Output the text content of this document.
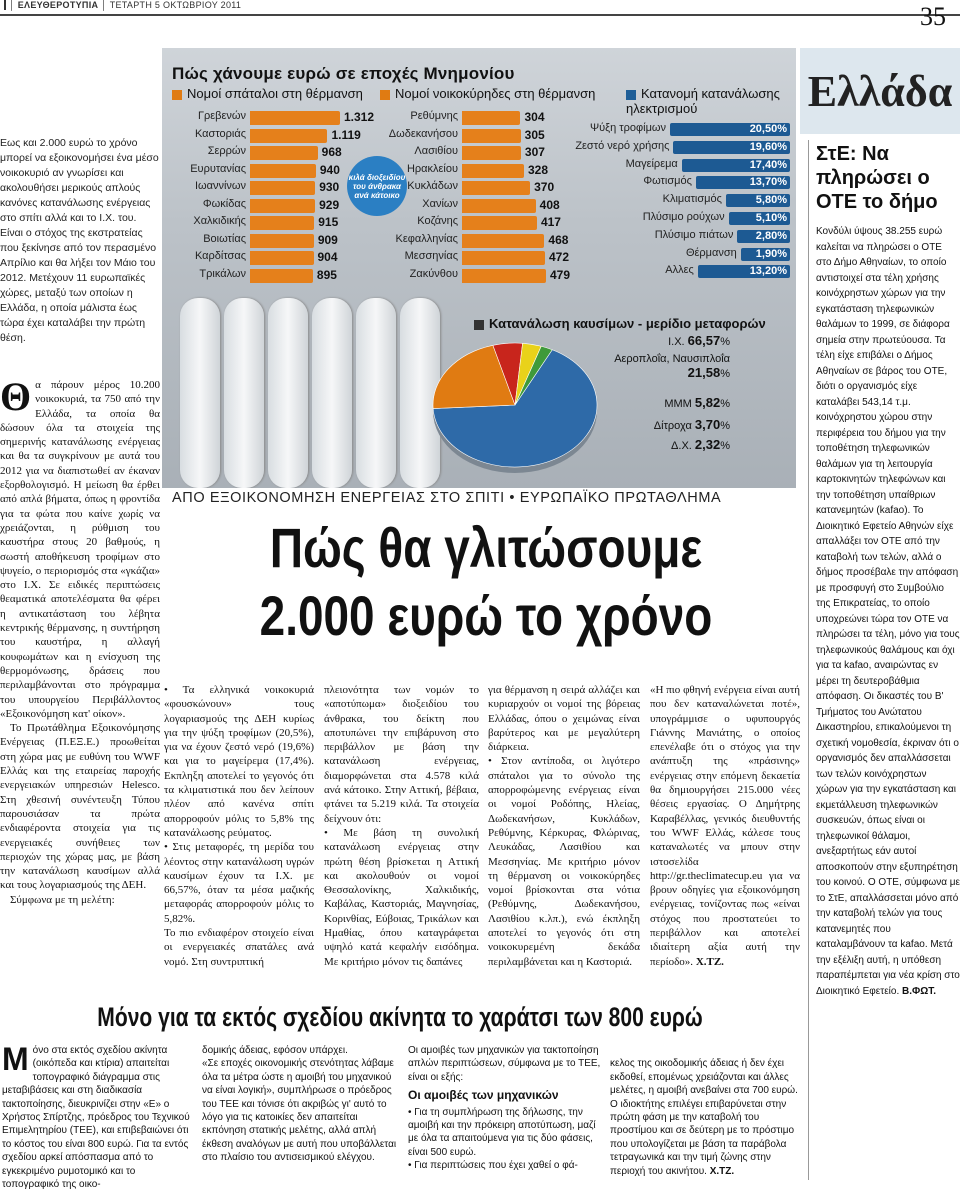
│ ΕΛΕΥΘΕΡΟΤΥΠΙΑ │ ΤΕΤΑΡΤΗ 5 ΟΚΤΩΒΡΙΟΥ 2011	35
Ελλάδα
Εως και 2.000 ευρώ το χρόνο μπορεί να εξοικονομήσει ένα μέσο νοικοκυριό αν γνωρίσει και ακολουθήσει μερικούς απλούς κανόνες κατανάλωσης ενέργειας στο σπίτι αλλά και το Ι.Χ. του. Είναι ο στόχος της εκστρατείας που ξεκίνησε από τον περασμένο Απρίλιο και θα λήξει τον Μάιο του 2012. Μετέχουν 11 ευρωπαϊκές χώρες, μεταξύ των οποίων η Ελλάδα, η οποία μάλιστα έως τώρα έχει καταλάβει την πρώτη θέση.
Θ α πάρουν μέρος 10.200 νοικοκυριά, τα 750 από την Ελλάδα, τα οποία θα δώσουν όλα τα στοιχεία της σημερινής κατανάλωσης ενέργειας και θα τα συγκρίνουν με αυτά του 2012 για να διαπιστωθεί αν έκαναν εξορθολογισμό. Η μείωση θα έρθει από απλά βήματα, όπως η φροντίδα για τα φώτα που καίνε χωρίς να χρειάζονται, η ρύθμιση του καυστήρα στους 20 βαθμούς, η σωστή αποθήκευση τροφίμων στο ψυγείο, ο περιορισμός στα «γκάζια» στο Ι.Χ. Σε ειδικές περιπτώσεις θεαματικά αποτελέσματα θα φέρει η αντικατάσταση του λέβητα κεντρικής θέρμανσης, η συντήρηση του καυστήρα, η αλλαγή κουφωμάτων και η ενίσχυση της θερμομόνωσης, δράσεις που περιλαμβάνονται στο πρόγραμμα του υπουργείου Περιβάλλοντος «Εξοικονόμηση κατ' οίκον».
Το Πρωτάθλημα Εξοικονόμησης Ενέργειας (Π.ΕΞ.Ε.) προωθείται στη χώρα μας με ευθύνη του WWF Ελλάς και της εταιρείας παροχής ενεργειακών υπηρεσιών Helesco. Στη χθεσινή συνέντευξη Τύπου παρουσιάσαν τα πρώτα ενδιαφέροντα στοιχεία για τις ενεργειακές συνήθειες των περιοχών της χώρας μας, με βάση την κατανάλωση καυσίμων αλλά και τους λογαριασμούς της ΔΕΗ.
Σύμφωνα με τη μελέτη:
Πώς χάνουμε ευρώ σε εποχές Μνημονίου
Νομοί σπάταλοι στη θέρμανση	Νομοί νοικοκύρηδες στη θέρμανση	Κατανομή κατανάλωσης ηλεκτρισμού
κιλά διοξειδίου του άνθρακα ανά κάτοικο
Γρεβενών	1.312
Καστοριάς	1.119
Σερρών	968
Ευρυτανίας	940
Ιωαννίνων	930
Φωκίδας	929
Χαλκιδικής	915
Βοιωτίας	909
Καρδίτσας	904
Τρικάλων	895
Ρεθύμνης	304
Δωδεκανήσου	305
Λασιθίου	307
Ηρακλείου	328
Κυκλάδων	370
Χανίων	408
Κοζάνης	417
Κεφαλληνίας	468
Μεσσηνίας	472
Ζακύνθου	479
Ψύξη τροφίμων	20,50%
Ζεστό νερό χρήσης	19,60%
Μαγείρεμα	17,40%
Φωτισμός	13,70%
Κλιματισμός	5,80%
Πλύσιμο ρούχων	5,10%
Πλύσιμο πιάτων	2,80%
Θέρμανση	1,90%
Αλλες	13,20%
Κατανάλωση καυσίμων - μερίδιο μεταφορών
Ι.Χ. 66,57%
Αεροπλοΐα, Ναυσιπλοΐα 21,58%
ΜΜΜ 5,82%
Δίτροχα 3,70%
Δ.Χ. 2,32%
ΑΠΟ ΕΞΟΙΚΟΝΟΜΗΣΗ ΕΝΕΡΓΕΙΑΣ ΣΤΟ ΣΠΙΤΙ • ΕΥΡΩΠΑΪΚΟ ΠΡΩΤΑΘΛΗΜΑ
Πώς θα γλιτώσουμε
2.000 ευρώ το χρόνο
• Τα ελληνικά νοικοκυριά «φουσκώνουν» τους λογαριασμούς της ΔΕΗ κυρίως για την ψύξη τροφίμων (20,5%), για να έχουν ζεστό νερό (19,6%) και για το μαγείρεμα (17,4%). Εκπληξη αποτελεί το γεγονός ότι τα κλιματιστικά που δεν λείπουν πλέον από κανένα σπίτι απορροφούν μόλις το 5,8% της κατανάλωσης ρεύματος.
• Στις μεταφορές, τη μερίδα του λέοντος στην κατανάλωση υγρών καυσίμων έχουν τα Ι.Χ. με 66,57%, όταν τα μέσα μαζικής μεταφοράς απορροφούν μόλις το 5,82%.
Το πιο ενδιαφέρον στοιχείο είναι οι ενεργειακές σπατάλες ανά νομό. Στη συντριπτική
πλειονότητα των νομών το «αποτύπωμα» διοξειδίου του άνθρακα, του δείκτη που αποτυπώνει την επιβάρυνση στο περιβάλλον με βάση την κατανάλωση ενέργειας, διαμορφώνεται στα 4.578 κιλά ανά κάτοικο. Στην Αττική, βέβαια, φτάνει τα 5.219 κιλά. Τα στοιχεία δείχνουν ότι:
• Με βάση τη συνολική κατανάλωση ενέργειας στην πρώτη θέση βρίσκεται η Αττική και ακολουθούν οι νομοί Θεσσαλονίκης, Χαλκιδικής, Καβάλας, Καστοριάς, Μαγνησίας, Κορινθίας, Εύβοιας, Τρικάλων και Ημαθίας, όπου καταγράφεται υψηλό κατά κεφαλήν εισόδημα. Με κριτήριο μόνον τις δαπάνες
για θέρμανση η σειρά αλλάζει και κυριαρχούν οι νομοί της βόρειας Ελλάδας, όπου ο χειμώνας είναι βαρύτερος και με μεγαλύτερη διάρκεια.
• Στον αντίποδα, οι λιγότερο σπάταλοι για το σύνολο της απορροφώμενης ενέργειας είναι οι νομοί Ροδόπης, Ηλείας, Δωδεκανήσων, Κυκλάδων, Ρεθύμνης, Κέρκυρας, Φλώρινας, Λευκάδας, Λασιθίου και Μεσσηνίας. Με κριτήριο μόνον τη θέρμανση οι νοικοκύρηδες νομοί βρίσκονται στα νότια (Ρεθύμνης, Δωδεκανήσου, Λασιθίου κ.λπ.), ενώ έκπληξη αποτελεί το γεγονός ότι στη νοικοκυρεμένη δεκάδα περιλαμβάνεται και η Καστοριά.
«Η πιο φθηνή ενέργεια είναι αυτή που δεν καταναλώνεται ποτέ», υπογράμμισε ο υφυπουργός Γιάννης Μανιάτης, ο οποίος επενέλαβε ότι ο στόχος για την ανάπτυξη της «πράσινης» ενέργειας στην επόμενη δεκαετία θα δημιουργήσει 215.000 νέες θέσεις εργασίας. Ο Δημήτρης Καραβέλλας, γενικός διευθυντής του WWF Ελλάς, κάλεσε τους καταναλωτές να μπουν στην ιστοσελίδα http://gr.theclimatecup.eu για να βρουν οδηγίες για εξοικονόμηση ενέργειας, τονίζοντας πως «είναι στόχος που προστατεύει το περιβάλλον και αποτελεί ιδιαίτερη αξία αυτή την περίοδο». Χ.ΤΖ.
Μόνο για τα εκτός σχεδίου ακίνητα το χαράτσι των 800 ευρώ
Μόνο στα εκτός σχεδίου ακίνητα (οικόπεδα και κτίρια) απαιτείται τοπογραφικό διάγραμμα στις μεταβιβάσεις και στη διαδικασία τακτοποίησης, διευκρινίζει στην «Ε» ο Χρήστος Σπίρτζης, πρόεδρος του Τεχνικού Επιμελητηρίου (ΤΕΕ), και επιβεβαιώνει ότι το κόστος του είναι 800 ευρώ. Για τα εντός σχεδίου αρκεί απόσπασμα από το εγκεκριμένο ρυμοτομικό και το τοπογραφικό της οικο-
δομικής άδειας, εφόσον υπάρχει.
«Σε εποχές οικονομικής στενότητας λάβαμε όλα τα μέτρα ώστε η αμοιβή του μηχανικού να είναι λογική», συμπλήρωσε ο πρόεδρος του ΤΕΕ και τόνισε ότι ακριβώς γι' αυτό το λόγο για τις κατοικίες δεν απαιτείται εκπόνηση στατικής μελέτης, αλλά απλή έκθεση αναλόγων με αυτή που υποβάλλεται στο πλαίσιο του αντισεισμικού ελέγχου.
Οι αμοιβές των μηχανικών για τακτοποίηση απλών περιπτώσεων, σύμφωνα με το ΤΕΕ, είναι οι εξής:
Οι αμοιβές των μηχανικών
• Για τη συμπλήρωση της δήλωσης, την αμοιβή και την πρόκειρη αποτύπωση, μαζί με όλα τα απαιτούμενα για τις δύο φάσεις, είναι 500 ευρώ.
• Για περιπτώσεις που έχει χαθεί ο φά-

κελος της οικοδομικής άδειας ή δεν έχει εκδοθεί, επομένως χρειάζονται και άλλες μελέτες, η αμοιβή ανεβαίνει στα 700 ευρώ.
Ο ιδιοκτήτης επιλέγει επιβαρύνεται στην πρώτη φάση με την καταβολή του προστίμου και σε δεύτερη με το πρόστιμο που υπολογίζεται με βάση τα παράβολα τετραγωνικά και την τιμή ζώνης στην περιοχή του ακινήτου. Χ.ΤΖ.

ΣτΕ: Να πληρώσει ο ΟΤΕ το δήμο
Κονδύλι ύψους 38.255 ευρώ καλείται να πληρώσει ο ΟΤΕ στο Δήμο Αθηναίων, το οποίο αντιστοιχεί στα τέλη χρήσης κοινόχρηστων χώρων για την εγκατάσταση τηλεφωνικών θαλάμων το 1999, σε διάφορα σημεία στην πρωτεύουσα. Τα τέλη είχε επιβάλει ο Δήμος Αθηναίων σε βάρος του ΟΤΕ, διότι ο οργανισμός είχε καταλάβει 543,14 τ.μ. κοινόχρηστου χώρου στην περιφέρεια του δήμου για την τοποθέτηση τηλεφωνικών θαλάμων για τη λειτουργία καρτοκινητών τηλεφώνων και την τοποθέτηση υπαίθριων κατανεμητών (kafao). Το Διοικητικό Εφετείο Αθηνών είχε απαλλάξει τον ΟΤΕ από την καταβολή των τελών, αλλά ο δήμος προσέβαλε την απόφαση με προσφυγή στο Συμβούλιο της Επικρατείας, το οποίο υποχρεώνει τώρα τον ΟΤΕ να πληρώσει τα τέλη, μόνο για τους τηλεφωνικούς θαλάμους και όχι για τα kafao, αναιρώντας εν μέρει τη δευτεροβάθμια απόφαση. Οι δικαστές του Β' Τμήματος του Ανώτατου Δικαστηρίου, επικαλούμενοι τη σχετική νομοθεσία, έκριναν ότι ο οργανισμός δεν απαλλάσσεται των τελών κοινόχρηστων χώρων για την εγκατάσταση και εκμετάλλευση τηλεφωνικών συσκευών, όπως είναι οι τηλεφωνικοί θάλαμοι, ανεξαρτήτως εάν αυτοί αποσκοπούν στην εξυπηρέτηση του κοινού. Ο ΟΤΕ, σύμφωνα με το ΣτΕ, απαλλάσσεται μόνο από την καταβολή τελών για τους κατανεμητές που καταλαμβάνουν τα kafao. Μετά την εξέλιξη αυτή, η υπόθεση παραπέμπεται για νέα κρίση στο Διοικητικό Εφετείο. Β.ΦΩΤ.
